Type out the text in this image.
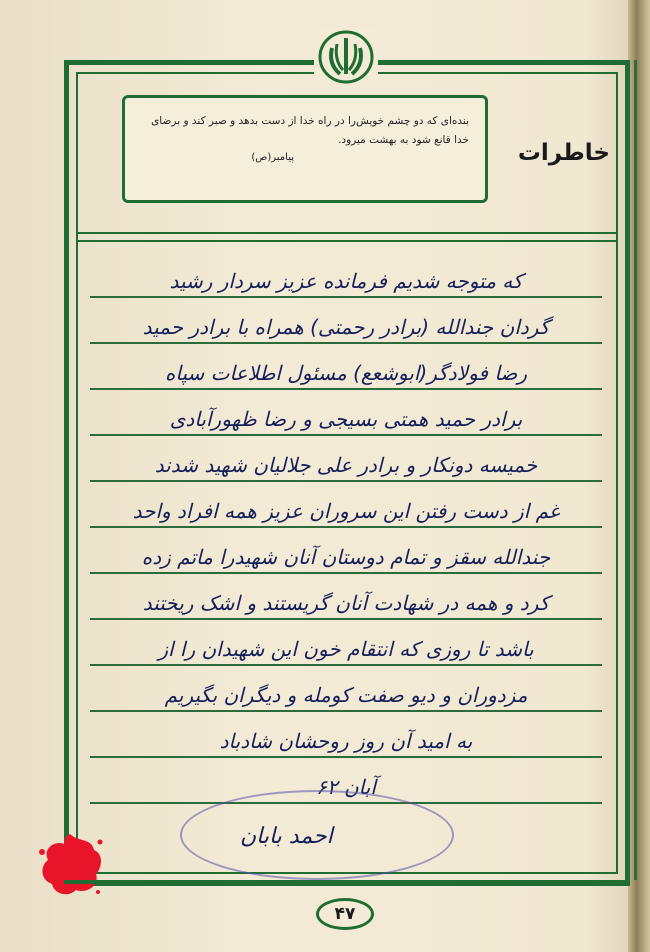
بنده‌ای که دو چشم خویش‌را در راه خدا از دست بدهد و صبر کند و برضای خدا قانع شود به بهشت میرود.
پیامبر(ص)	خاطرات
که متوجه شدیم فرمانده عزیز سردار رشید
گردان جندالله (برادر رحمتی) همراه با برادر حمید
رضا فولادگر(ابوشعع) مسئول اطلاعات سپاه
برادر حمید همتی بسیجی و رضا ظهورآبادی
خمیسه دونکار و برادر علی جلالیان شهید شدند
غم از دست رفتن این سروران عزیز همه افراد واحد
جندالله سقز و تمام دوستان آنان شهیدرا ماتم زده
کرد و همه در شهادت آنان گریستند و اشک ریختند
باشد تا روزی که انتقام خون این شهیدان را از
مزدوران و دیو صفت کومله و دیگران بگیریم
به امید آن روز روحشان شادباد
آبان ۶۲
احمد بابان
۴۷
